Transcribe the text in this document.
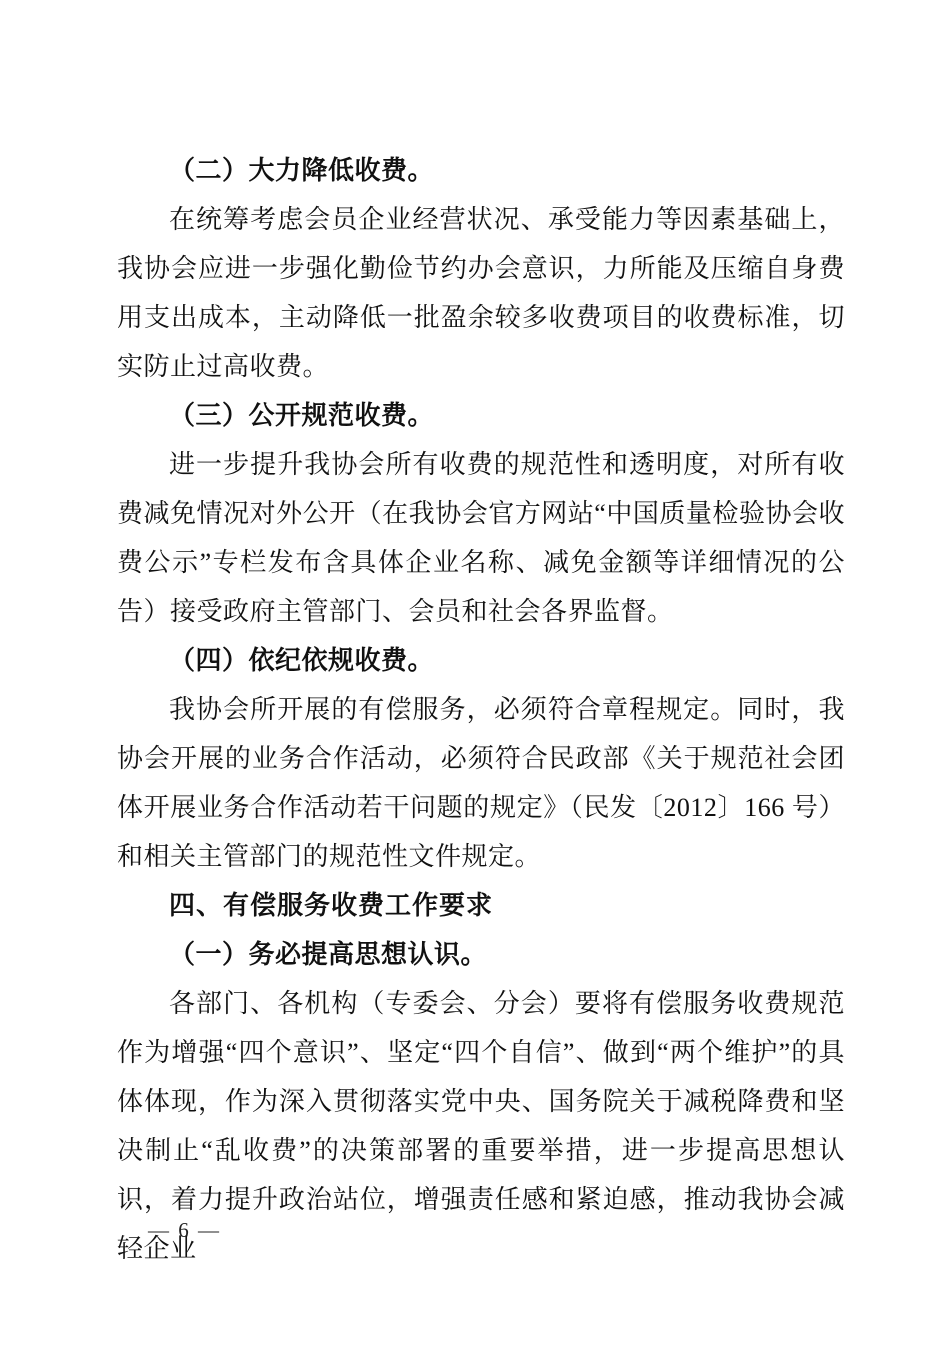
（二）大力降低收费。

在统筹考虑会员企业经营状况、承受能力等因素基础上，我协会应进一步强化勤俭节约办会意识，力所能及压缩自身费用支出成本，主动降低一批盈余较多收费项目的收费标准，切实防止过高收费。

（三）公开规范收费。

进一步提升我协会所有收费的规范性和透明度，对所有收费减免情况对外公开（在我协会官方网站“中国质量检验协会收费公示”专栏发布含具体企业名称、减免金额等详细情况的公告）接受政府主管部门、会员和社会各界监督。

（四）依纪依规收费。

我协会所开展的有偿服务，必须符合章程规定。同时，我协会开展的业务合作活动，必须符合民政部《关于规范社会团体开展业务合作活动若干问题的规定》（民发〔2012〕166 号）和相关主管部门的规范性文件规定。

四、有偿服务收费工作要求
（一）务必提高思想认识。

各部门、各机构（专委会、分会）要将有偿服务收费规范作为增强“四个意识”、坚定“四个自信”、做到“两个维护”的具体体现，作为深入贯彻落实党中央、国务院关于减税降费和坚决制止“乱收费”的决策部署的重要举措，进一步提高思想认识，着力提升政治站位，增强责任感和紧迫感，推动我协会减轻企业

— 6 —
